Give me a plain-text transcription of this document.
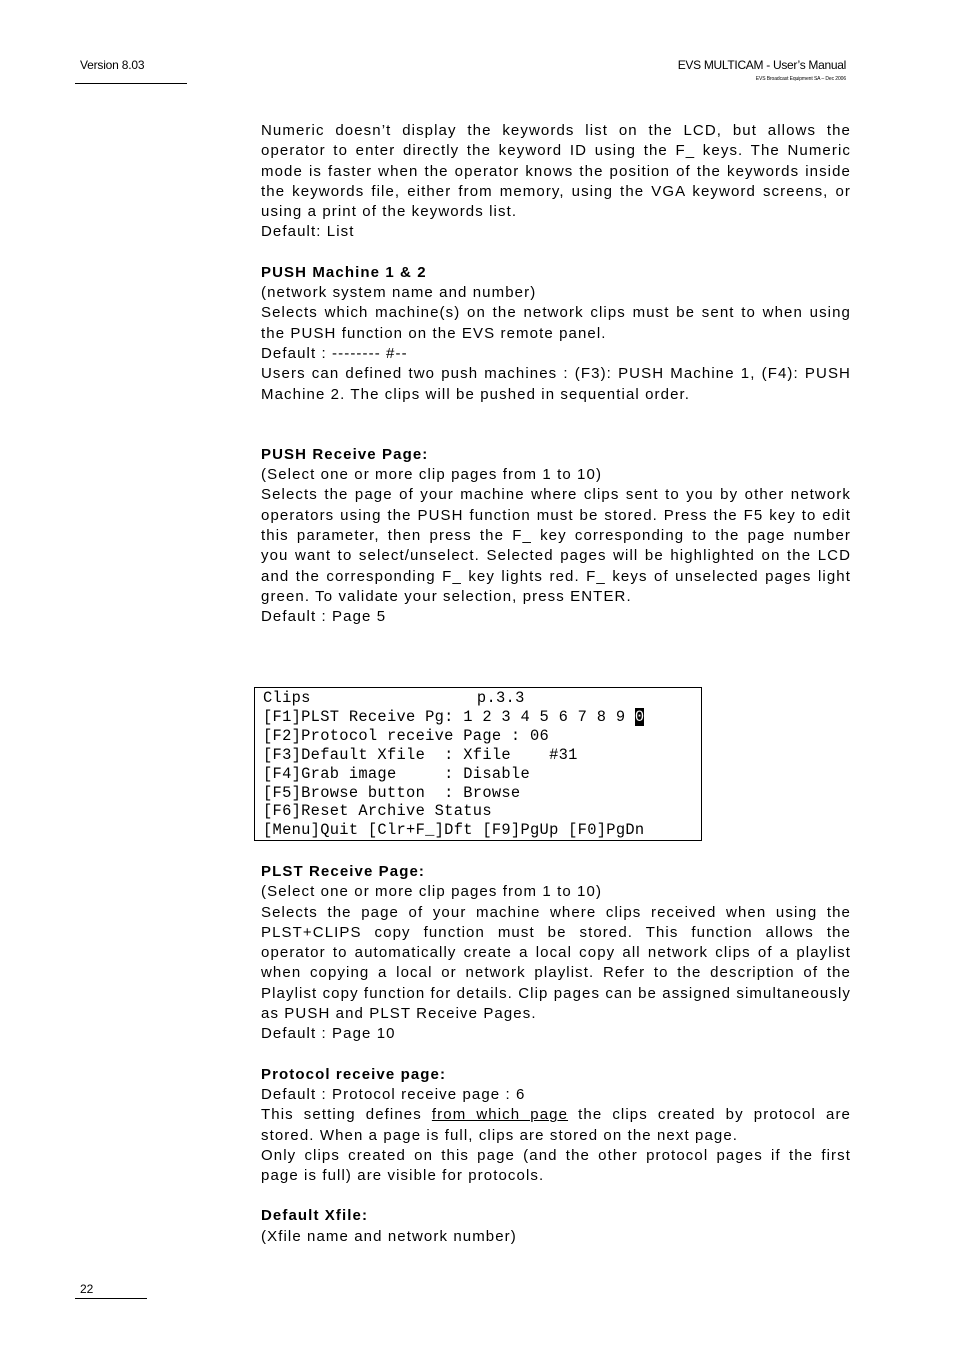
Version 8.03	EVS MULTICAM - User’s Manual
EVS Broadcast Equipment SA – Dec 2006

Numeric doesn’t display the keywords list on the LCD, but allows the operator to enter directly the keyword ID using the F_ keys. The Numeric mode is faster when the operator knows the position of the keywords inside the keywords file, either from memory, using the VGA keyword screens, or using a print of the keywords list.

Default: List

PUSH Machine 1 & 2

(network system name and number)

Selects which machine(s) on the network clips must be sent to when using the PUSH function on the EVS remote panel.

Default : -------- #--

Users can defined two push machines : (F3): PUSH Machine 1, (F4): PUSH Machine 2. The clips will be pushed in sequential order.

PUSH Receive Page:

(Select one or more clip pages from 1 to 10)

Selects the page of your machine where clips sent to you by other network operators using the PUSH function must be stored. Press the F5 key to edit this parameter, then press the F_ key corresponding to the page number you want to select/unselect. Selected pages will be highlighted on the LCD and the corresponding F_ key lights red. F_ keys of unselected pages light green. To validate your selection, press ENTER.

Default : Page 5

Clips	p.3.3
[F1]PLST Receive Pg: 1 2 3 4 5 6 7 8 9 0
[F2]Protocol receive Page : 06
[F3]Default Xfile  : Xfile    #31
[F4]Grab image     : Disable
[F5]Browse button  : Browse
[F6]Reset Archive Status
[Menu]Quit [Clr+F_]Dft [F9]PgUp [F0]PgDn

PLST Receive Page:

(Select one or more clip pages from 1 to 10)

Selects the page of your machine where clips received when using the PLST+CLIPS copy function must be stored. This function allows the operator to automatically create a local copy all network clips of a playlist when copying a local or network playlist. Refer to the description of the Playlist copy function for details. Clip pages can be assigned simultaneously as PUSH and PLST Receive Pages.

Default : Page 10

Protocol receive page:

Default : Protocol receive page : 6

This setting defines from which page the clips created by protocol are stored. When a page is full, clips are stored on the next page.

Only clips created on this page (and the other protocol pages if the first page is full) are visible for protocols.

Default Xfile:

(Xfile name and network number)

22
